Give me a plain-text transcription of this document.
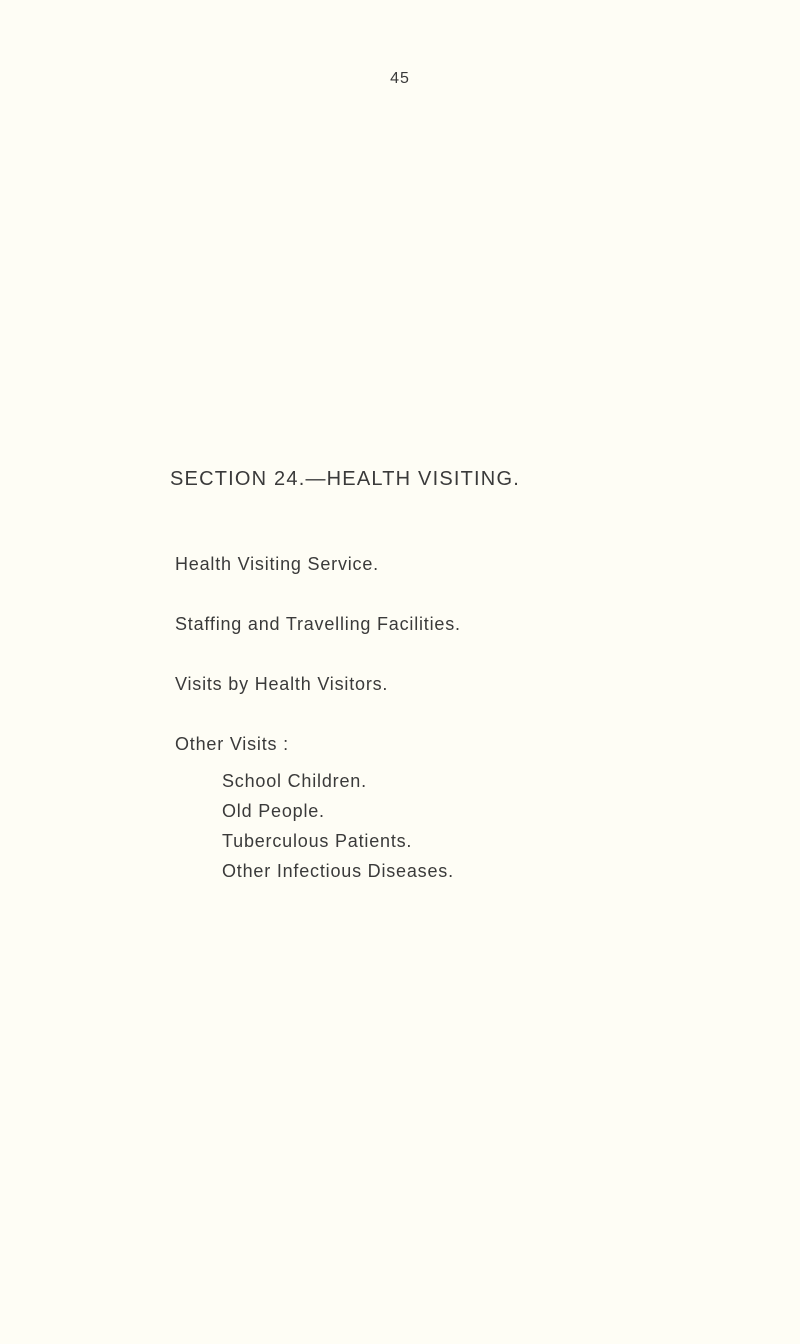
45
SECTION 24.—HEALTH VISITING.
Health Visiting Service.
Staffing and Travelling Facilities.
Visits by Health Visitors.
Other Visits :
School Children.
Old People.
Tuberculous Patients.
Other Infectious Diseases.
